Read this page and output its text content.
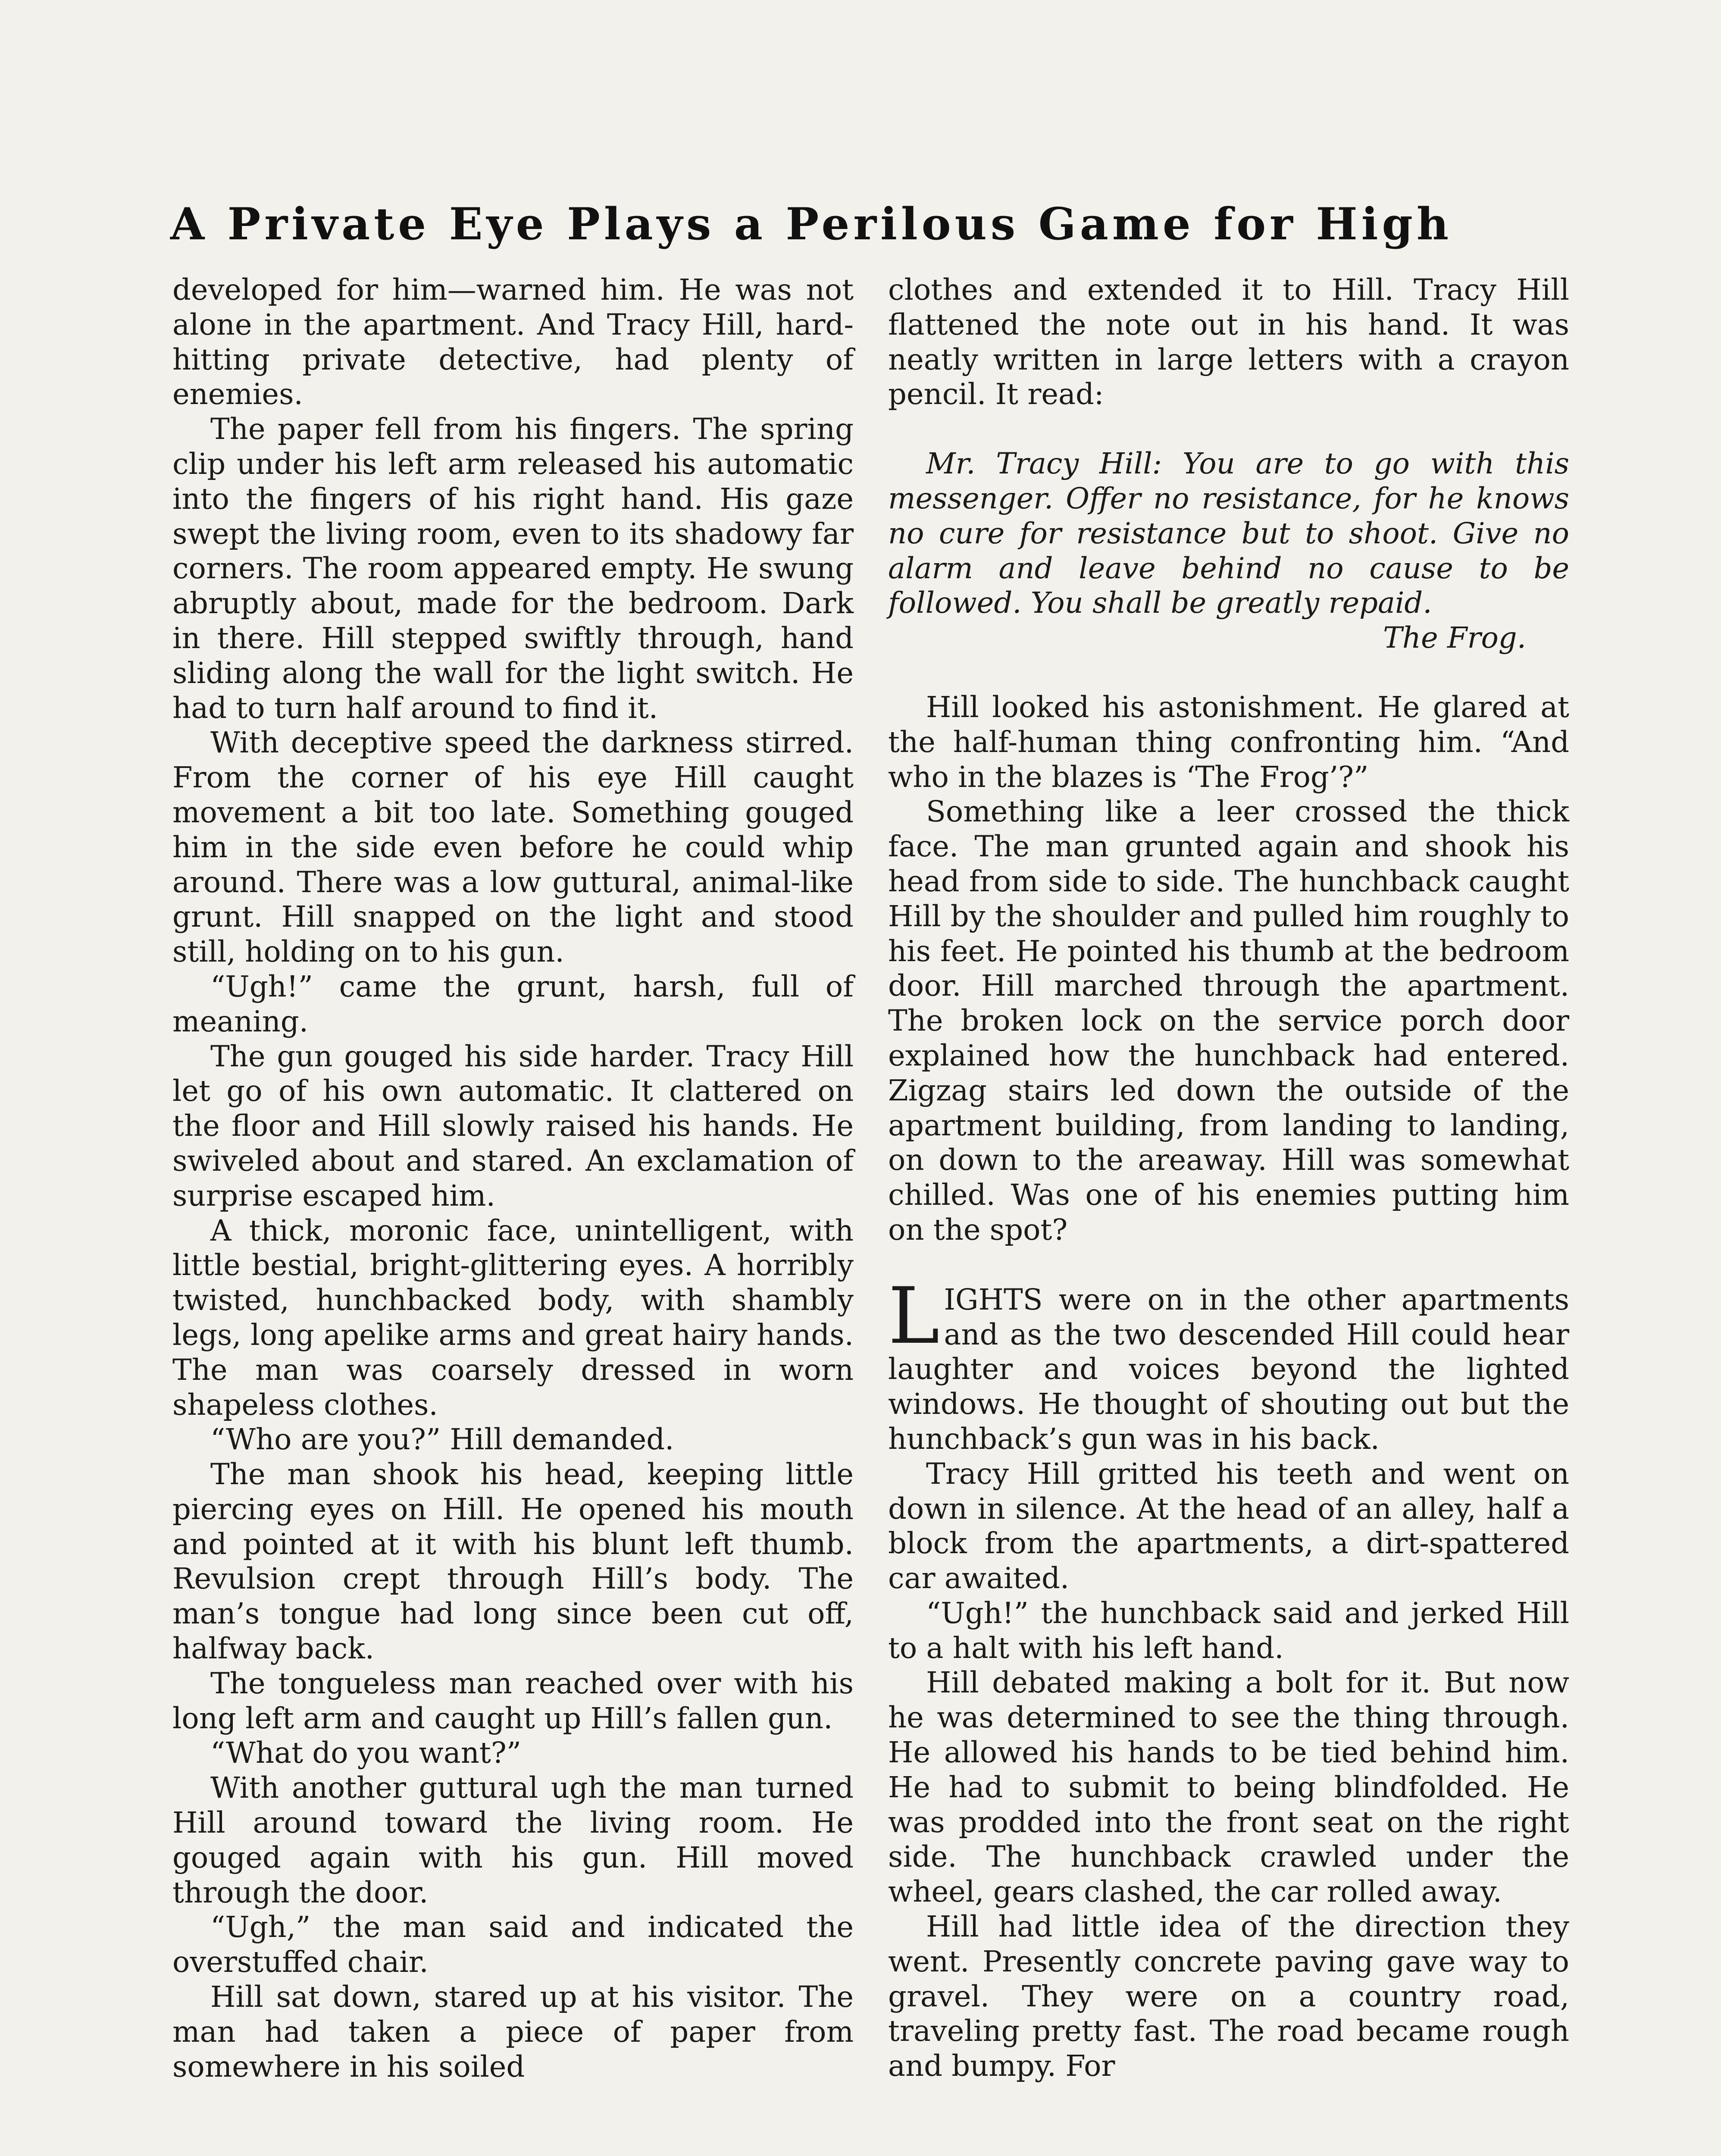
A Private Eye Plays a Perilous Game for High

developed for him—warned him. He was not alone in the apartment. And Tracy Hill, hard-hitting private detective, had plenty of enemies.

The paper fell from his fingers. The spring clip under his left arm released his automatic into the fingers of his right hand. His gaze swept the living room, even to its shadowy far corners. The room appeared empty. He swung abruptly about, made for the bedroom. Dark in there. Hill stepped swiftly through, hand sliding along the wall for the light switch. He had to turn half around to find it.

With deceptive speed the darkness stirred. From the corner of his eye Hill caught movement a bit too late. Something gouged him in the side even before he could whip around. There was a low guttural, animal-like grunt. Hill snapped on the light and stood still, holding on to his gun.

“Ugh!” came the grunt, harsh, full of meaning.

The gun gouged his side harder. Tracy Hill let go of his own automatic. It clattered on the floor and Hill slowly raised his hands. He swiveled about and stared. An exclamation of surprise escaped him.

A thick, moronic face, unintelligent, with little bestial, bright-glittering eyes. A horribly twisted, hunchbacked body, with shambly legs, long apelike arms and great hairy hands. The man was coarsely dressed in worn shapeless clothes.

“Who are you?” Hill demanded.

The man shook his head, keeping little piercing eyes on Hill. He opened his mouth and pointed at it with his blunt left thumb. Revulsion crept through Hill’s body. The man’s tongue had long since been cut off, halfway back.

The tongueless man reached over with his long left arm and caught up Hill’s fallen gun.

“What do you want?”

With another guttural ugh the man turned Hill around toward the living room. He gouged again with his gun. Hill moved through the door.

“Ugh,” the man said and indicated the overstuffed chair.

Hill sat down, stared up at his visitor. The man had taken a piece of paper from somewhere in his soiled

clothes and extended it to Hill. Tracy Hill flattened the note out in his hand. It was neatly written in large letters with a crayon pencil. It read:

Mr. Tracy Hill: You are to go with this messenger. Offer no resistance, for he knows no cure for resistance but to shoot. Give no alarm and leave behind no cause to be followed. You shall be greatly repaid.

The Frog.

Hill looked his astonishment. He glared at the half-human thing confronting him. “And who in the blazes is ‘The Frog’?”

Something like a leer crossed the thick face. The man grunted again and shook his head from side to side. The hunchback caught Hill by the shoulder and pulled him roughly to his feet. He pointed his thumb at the bedroom door. Hill marched through the apartment. The broken lock on the service porch door explained how the hunchback had entered. Zigzag stairs led down the outside of the apartment building, from landing to landing, on down to the areaway. Hill was somewhat chilled. Was one of his enemies putting him on the spot?

LIGHTS were on in the other apartments and as the two descended Hill could hear laughter and voices beyond the lighted windows. He thought of shouting out but the hunchback’s gun was in his back.

Tracy Hill gritted his teeth and went on down in silence. At the head of an alley, half a block from the apartments, a dirt-spattered car awaited.

“Ugh!” the hunchback said and jerked Hill to a halt with his left hand.

Hill debated making a bolt for it. But now he was determined to see the thing through. He allowed his hands to be tied behind him. He had to submit to being blindfolded. He was prodded into the front seat on the right side. The hunchback crawled under the wheel, gears clashed, the car rolled away.

Hill had little idea of the direction they went. Presently concrete paving gave way to gravel. They were on a country road, traveling pretty fast. The road became rough and bumpy. For
